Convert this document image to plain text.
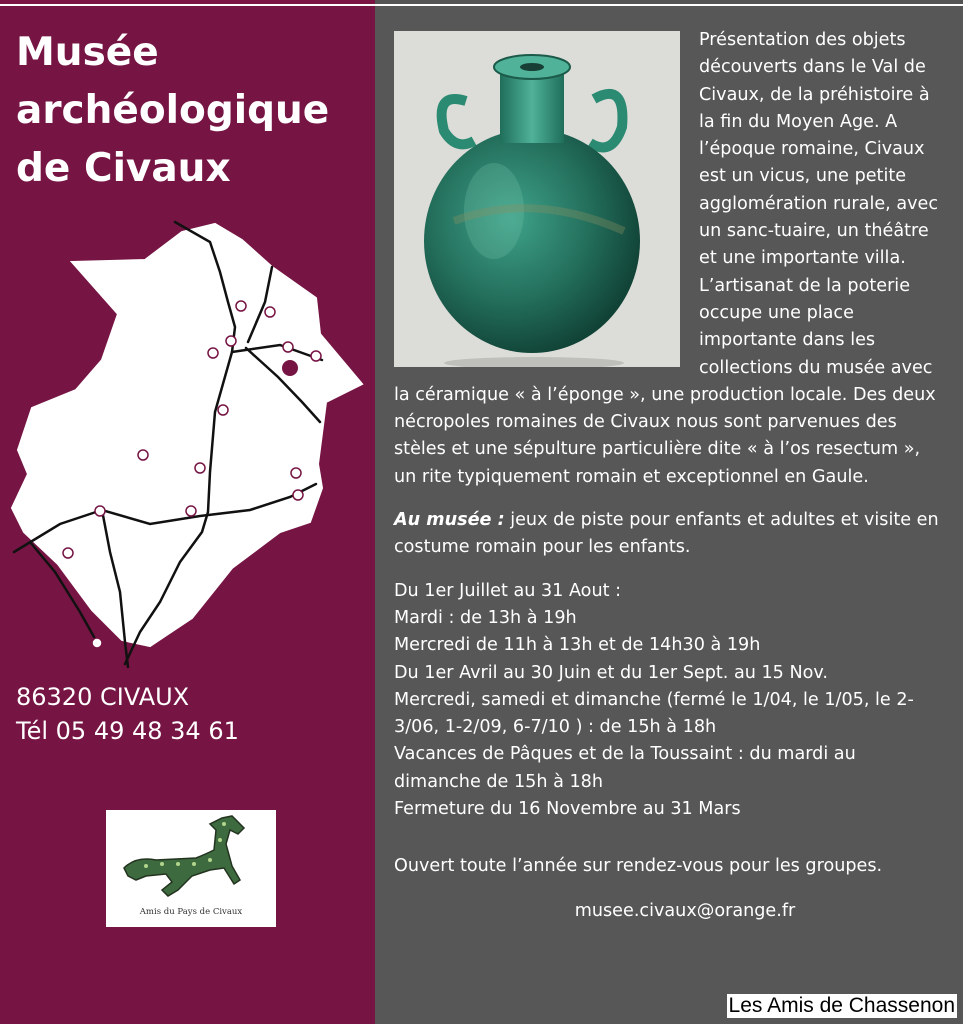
Musée
archéologique
de Civaux
86320 CIVAUX
Tél 05 49 48 34 61
Amis du Pays de Civaux

Présentation des objets découverts dans le Val de Civaux, de la préhistoire à la fin du Moyen Age. A l’époque romaine, Civaux est un vicus, une petite agglomération rurale, avec un sanc-tuaire, un théâtre et une importante villa. L’artisanat de la poterie occupe une place importante dans les collections du musée avec la céramique « à l’éponge », une production locale. Des deux nécropoles romaines de Civaux nous sont parvenues des stèles et une sépulture particulière dite « à l’os resectum », un rite typiquement romain et exceptionnel en Gaule.

Au musée : jeux de piste pour enfants et adultes et visite en costume romain pour les enfants.

Du 1er Juillet au 31 Aout :
Mardi : de 13h à 19h
Mercredi de 11h à 13h et de 14h30 à 19h
Du 1er Avril au 30 Juin et du 1er Sept. au 15 Nov.
Mercredi, samedi et dimanche (fermé le 1/04, le 1/05, le 2-3/06, 1-2/09, 6-7/10 ) : de 15h à 18h
Vacances de Pâques et de la Toussaint : du mardi au dimanche de 15h à 18h
Fermeture du 16 Novembre au 31 Mars

Ouvert toute l’année sur rendez-vous pour les groupes.

musee.civaux@orange.fr

Les Amis de Chassenon
